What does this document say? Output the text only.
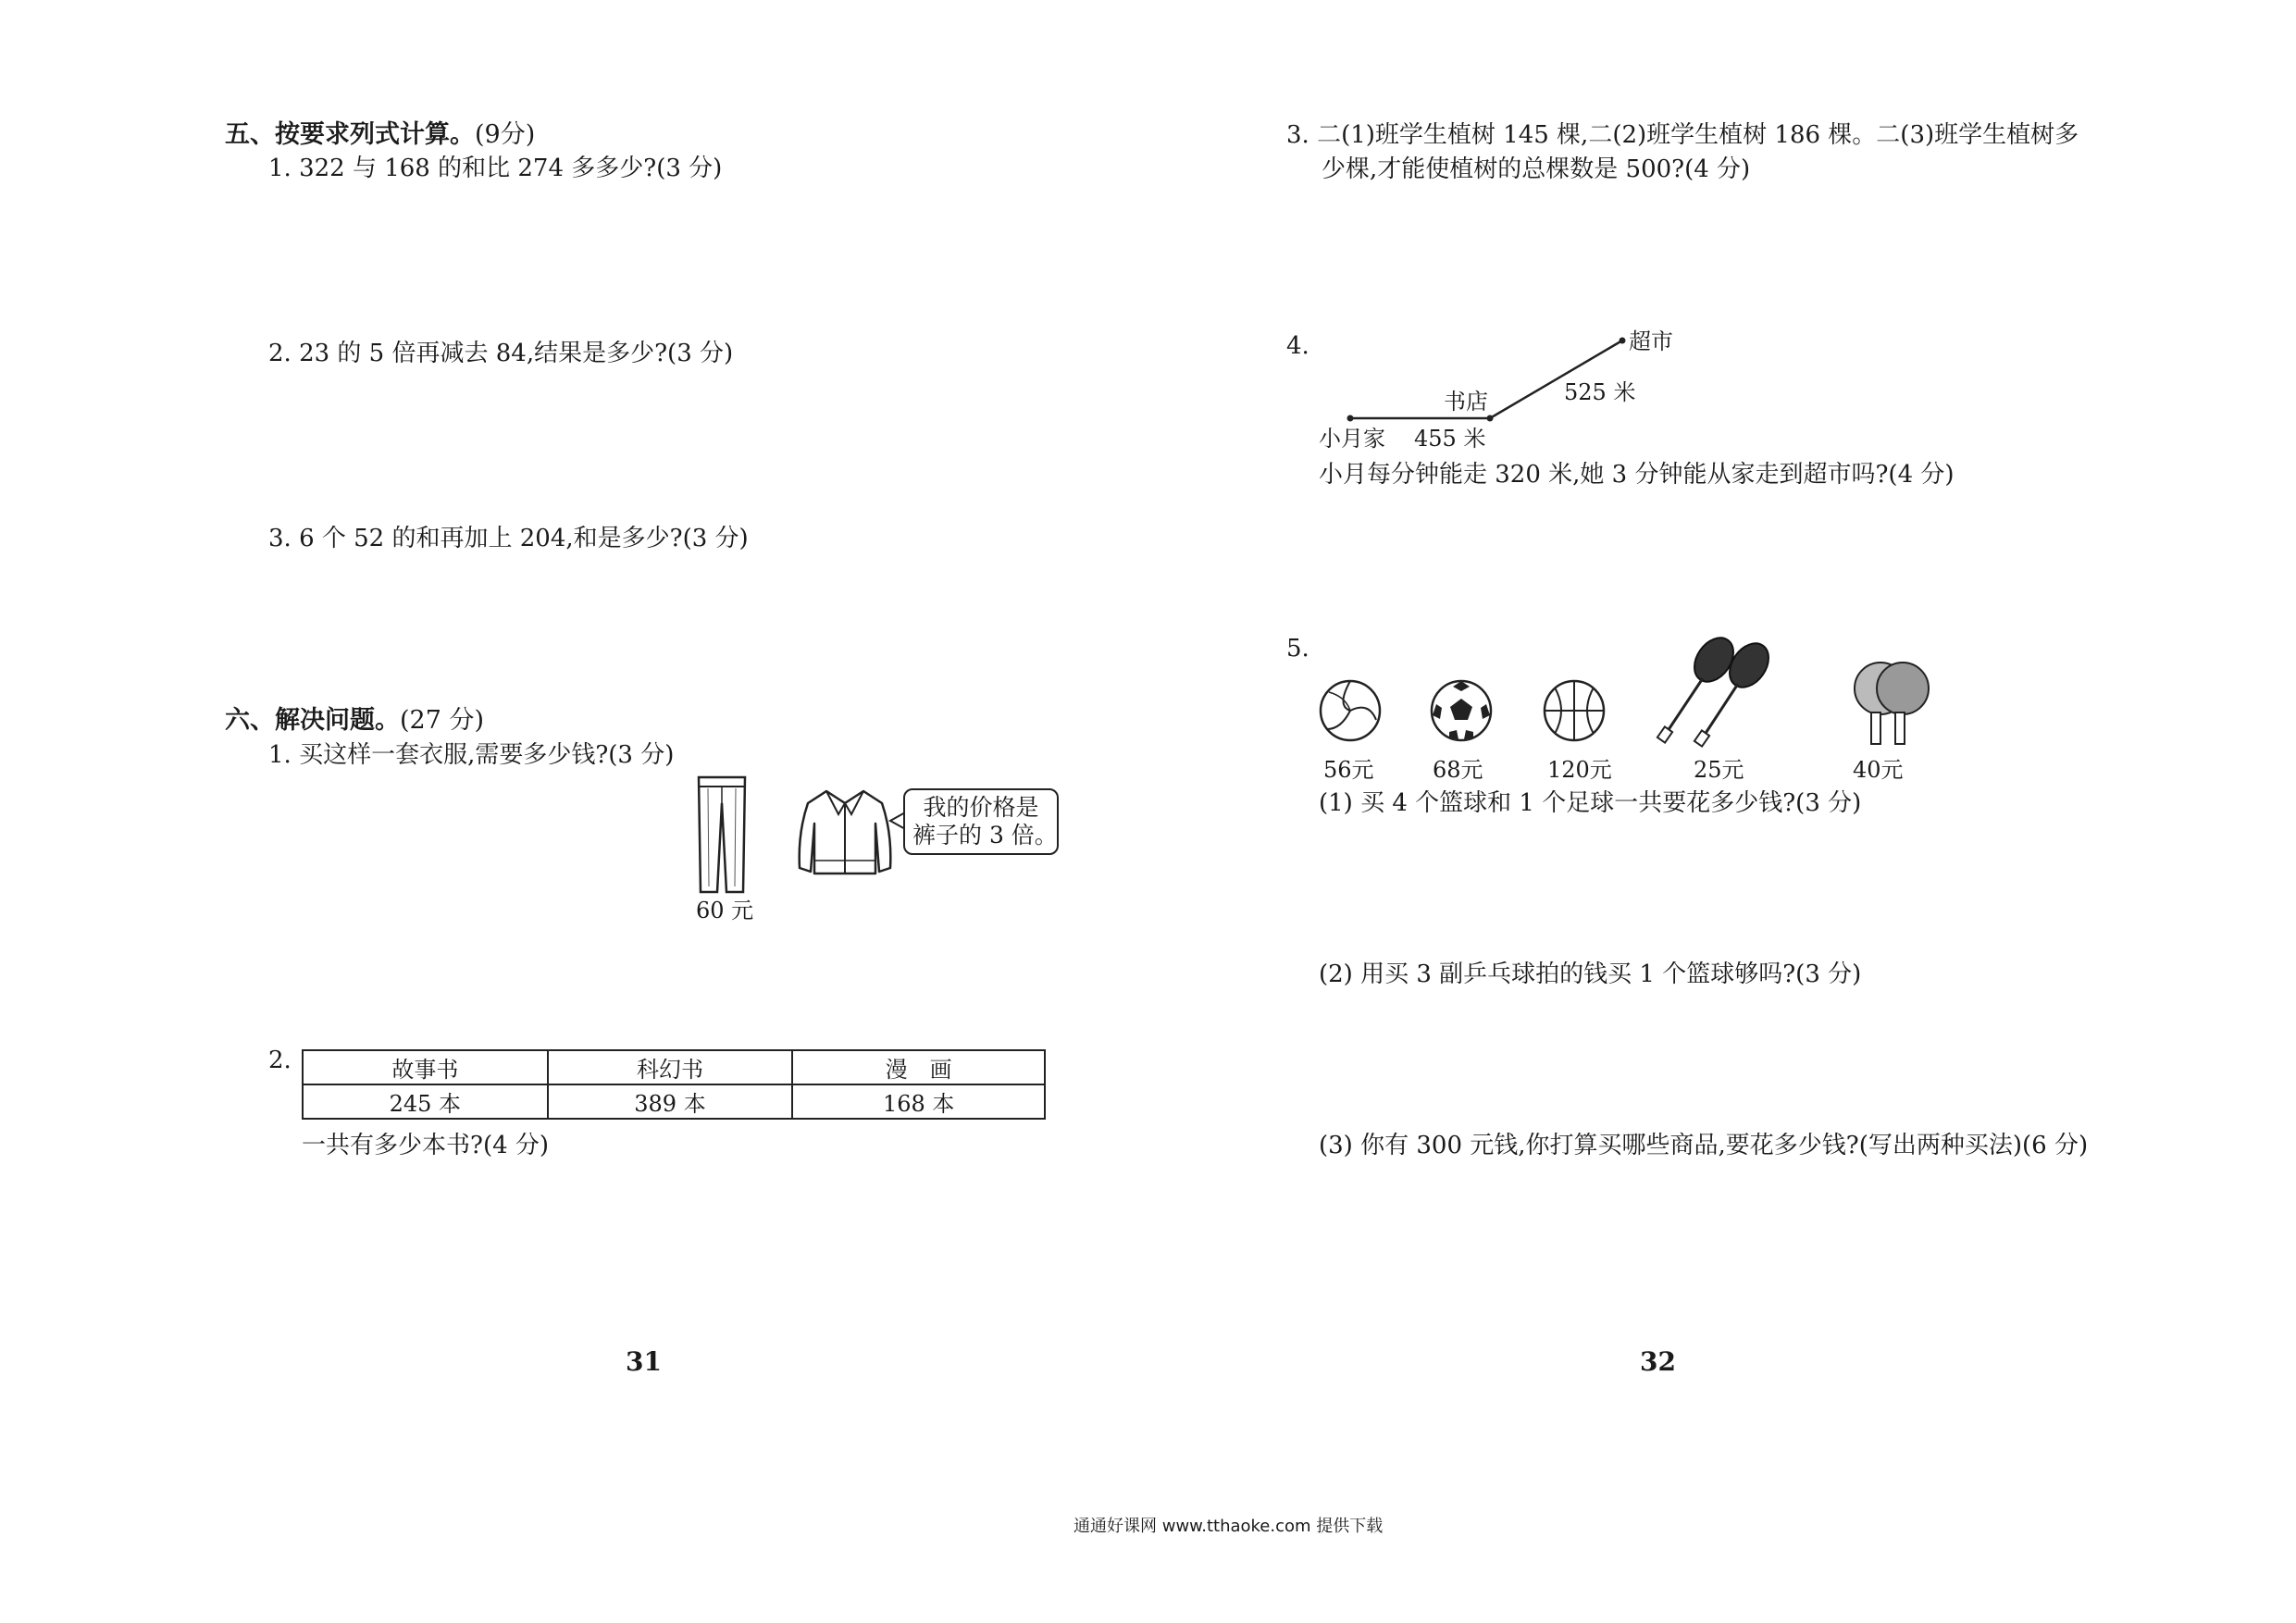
五、按要求列式计算。(9分)
1. 322 与 168 的和比 274 多多少?(3 分)
2. 23 的 5 倍再减去 84,结果是多少?(3 分)
3. 6 个 52 的和再加上 204,和是多少?(3 分)
六、解决问题。(27 分)
1. 买这样一套衣服,需要多少钱?(3 分)
60 元
我的价格是
裤子的 3 倍。
2.	故事书	科幻书	漫　画
245 本	389 本	168 本
一共有多少本书?(4 分)
31
3. 二(1)班学生植树 145 棵,二(2)班学生植树 186 棵。二(3)班学生植树多
少棵,才能使植树的总棵数是 500?(4 分)
4.	超市
书店	525 米
小月家 455 米
小月每分钟能走 320 米,她 3 分钟能从家走到超市吗?(4 分)
5.
56元	68元	120元	25元	40元
(1) 买 4 个篮球和 1 个足球一共要花多少钱?(3 分)
(2) 用买 3 副乒乓球拍的钱买 1 个篮球够吗?(3 分)
(3) 你有 300 元钱,你打算买哪些商品,要花多少钱?(写出两种买法)(6 分)
32
通通好课网 www.tthaoke.com 提供下载
